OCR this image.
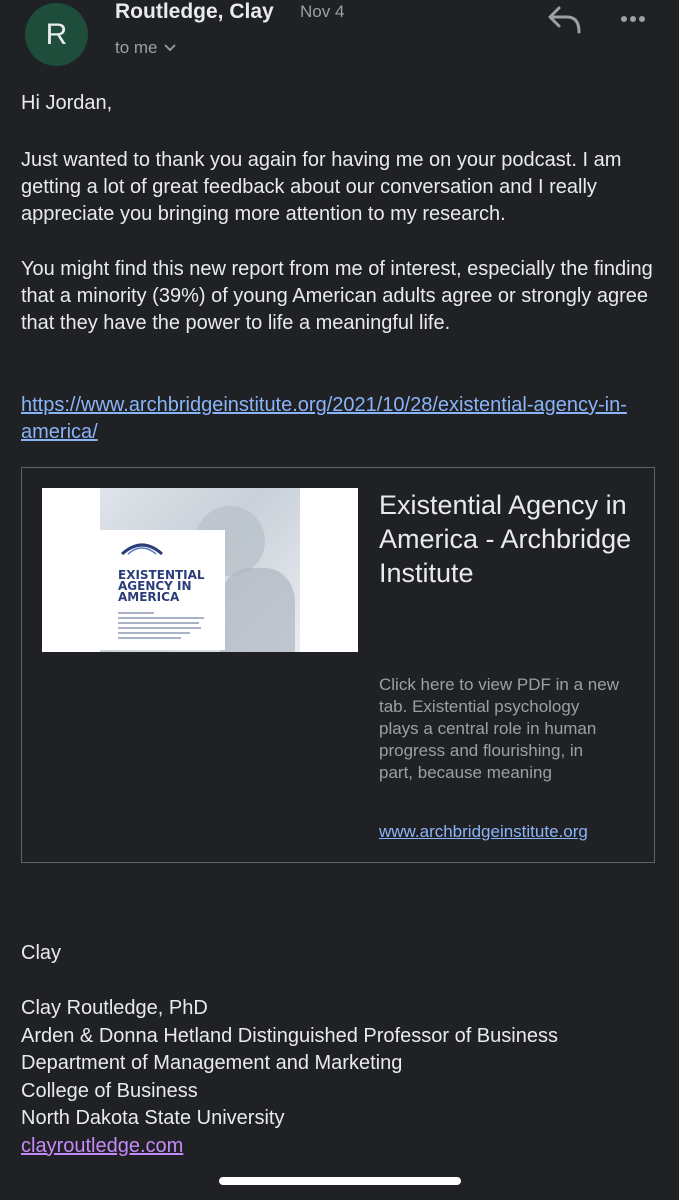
R
Routledge, Clay Nov 4
to me

Hi Jordan,

Just wanted to thank you again for having me on your podcast. I am getting a lot of great feedback about our conversation and I really appreciate you bringing more attention to my research.

You might find this new report from me of interest, especially the finding that a minority (39%) of young American adults agree or strongly agree that they have the power to life a meaningful life.

https://www.archbridgeinstitute.org/2021/10/28/existential-agency-in-america/

EXISTENTIAL
AGENCY IN
AMERICA
Existential Agency in America - Archbridge Institute
Click here to view PDF in a new tab. Existential psychology plays a central role in human progress and flourishing, in part, because meaning
www.archbridgeinstitute.org
Clay
Clay Routledge, PhD
Arden & Donna Hetland Distinguished Professor of Business
Department of Management and Marketing
College of Business
North Dakota State University
clayroutledge.com
